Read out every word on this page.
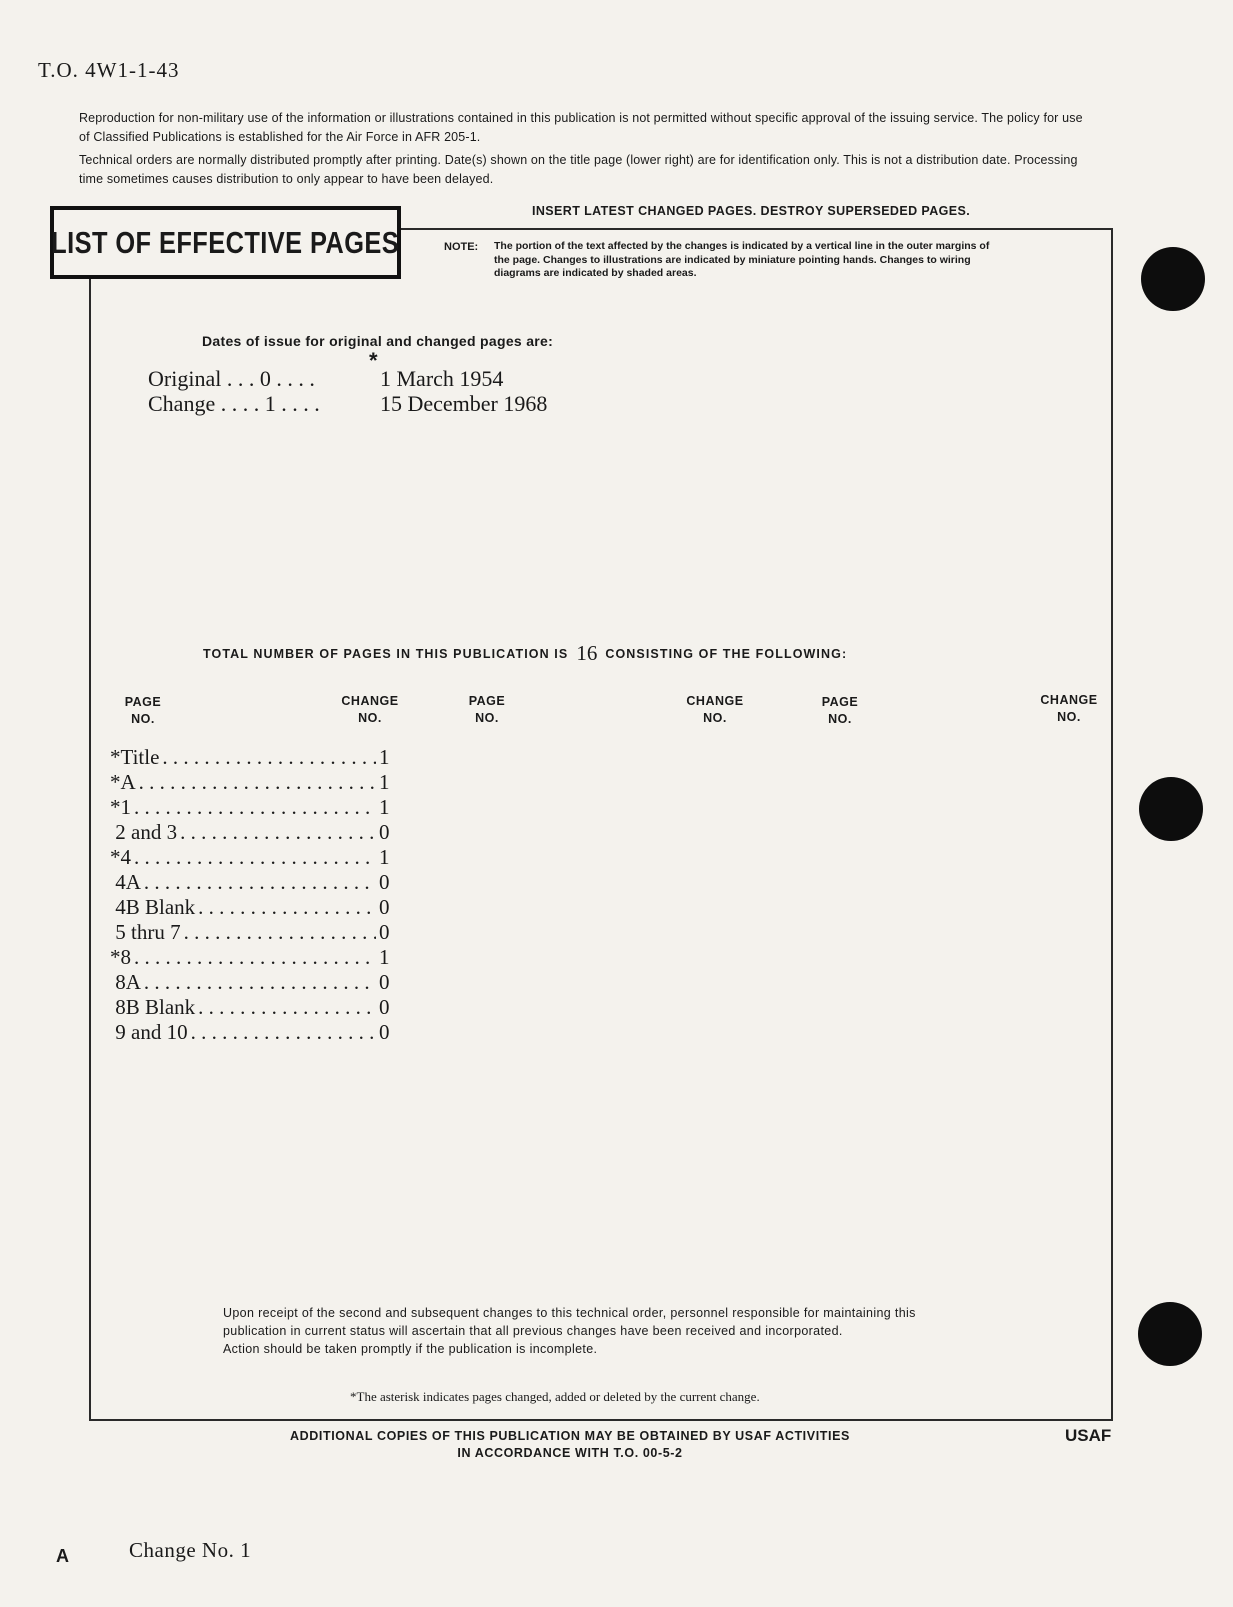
T.O. 4W1-1-43
Reproduction for non-military use of the information or illustrations contained in this publication is not permitted without specific approval of the issuing service. The policy for use of Classified Publications is established for the Air Force in AFR 205-1.
Technical orders are normally distributed promptly after printing. Date(s) shown on the title page (lower right) are for identification only. This is not a distribution date. Processing time sometimes causes distribution to only appear to have been delayed.
LIST OF EFFECTIVE PAGES
INSERT LATEST CHANGED PAGES. DESTROY SUPERSEDED PAGES.
NOTE: The portion of the text affected by the changes is indicated by a vertical line in the outer margins of the page. Changes to illustrations are indicated by miniature pointing hands. Changes to wiring diagrams are indicated by shaded areas.
Dates of issue for original and changed pages are:
*
Original . . . 0 . . . .	1 March 1954
Change . . . . 1 . . . .	15 December 1968
TOTAL NUMBER OF PAGES IN THIS PUBLICATION IS 16 CONSISTING OF THE FOLLOWING:
PAGE
NO.
CHANGE
NO.
PAGE
NO.
CHANGE
NO.
PAGE
NO.
CHANGE
NO.
*Title . . .	1
*A . . .	1
*1 . . .	1
2 and 3 . . .	0
*4 . . .	1
4A . . .	0
4B Blank . . .	0
5 thru 7 . . .	0
*8 . . .	1
8A . . .	0
8B Blank . . .	0
9 and 10 . . .	0
Upon receipt of the second and subsequent changes to this technical order, personnel responsible for maintaining this publication in current status will ascertain that all previous changes have been received and incorporated.
Action should be taken promptly if the publication is incomplete.
*The asterisk indicates pages changed, added or deleted by the current change.
ADDITIONAL COPIES OF THIS PUBLICATION MAY BE OBTAINED BY USAF ACTIVITIES
IN ACCORDANCE WITH T.O. 00-5-2
USAF
A	Change No. 1
